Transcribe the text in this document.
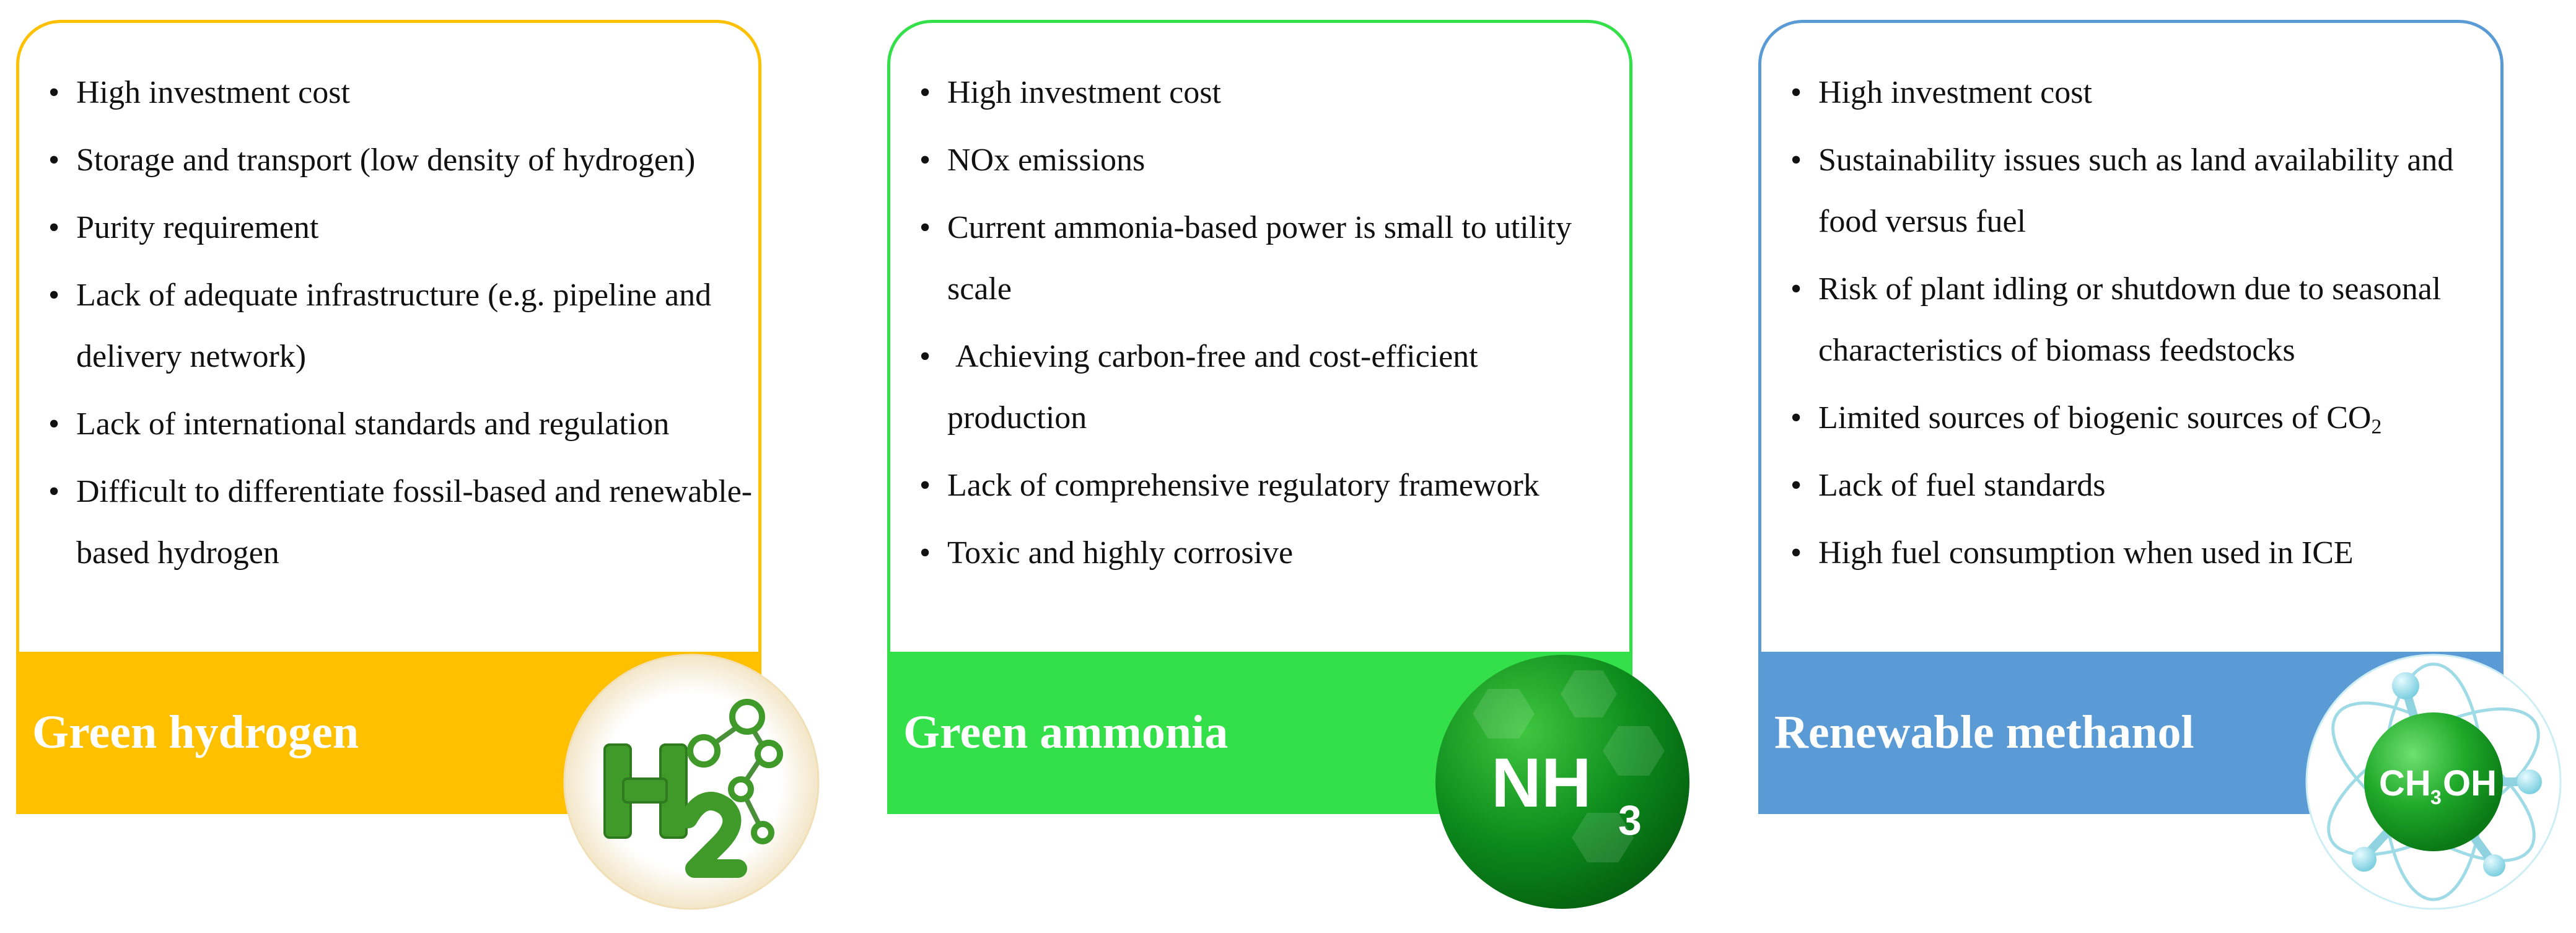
• High investment cost
• Storage and transport (low density of hydrogen)
• Purity requirement
• Lack of adequate infrastructure (e.g. pipeline and delivery network)
• Lack of international standards and regulation
• Difficult to differentiate fossil-based and renewable-based hydrogen
Green hydrogen
• High investment cost
• NOx emissions
• Current ammonia-based power is small to utility scale
•  Achieving carbon-free and cost-efficient production
• Lack of comprehensive regulatory framework
• Toxic and highly corrosive
Green ammonia
NH 3
• High investment cost
• Sustainability issues such as land availability and food versus fuel
• Risk of plant idling or shutdown due to seasonal characteristics of biomass feedstocks
• Limited sources of biogenic sources of $CO_2$
• Lack of fuel standards
• High fuel consumption when used in ICE
Renewable methanol
CH 3 OH
